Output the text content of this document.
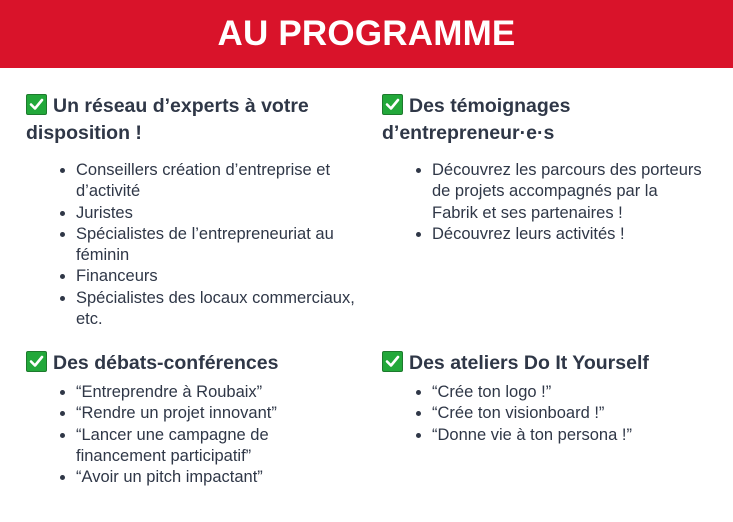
AU PROGRAMME

Un réseau d’experts à votre disposition !

Conseillers création d’entreprise et d’activité
Juristes
Spécialistes de l’entrepreneuriat au féminin
Financeurs
Spécialistes des locaux commerciaux, etc.

Des témoignages d’entrepreneur·e·s

Découvrez les parcours des porteurs de projets accompagnés par la Fabrik et ses partenaires !
Découvrez leurs activités !

Des débats-conférences

“Entreprendre à Roubaix”
“Rendre un projet innovant”
“Lancer une campagne de financement participatif”
“Avoir un pitch impactant”

Des ateliers Do It Yourself

“Crée ton logo !”
“Crée ton visionboard !”
“Donne vie à ton persona !”
